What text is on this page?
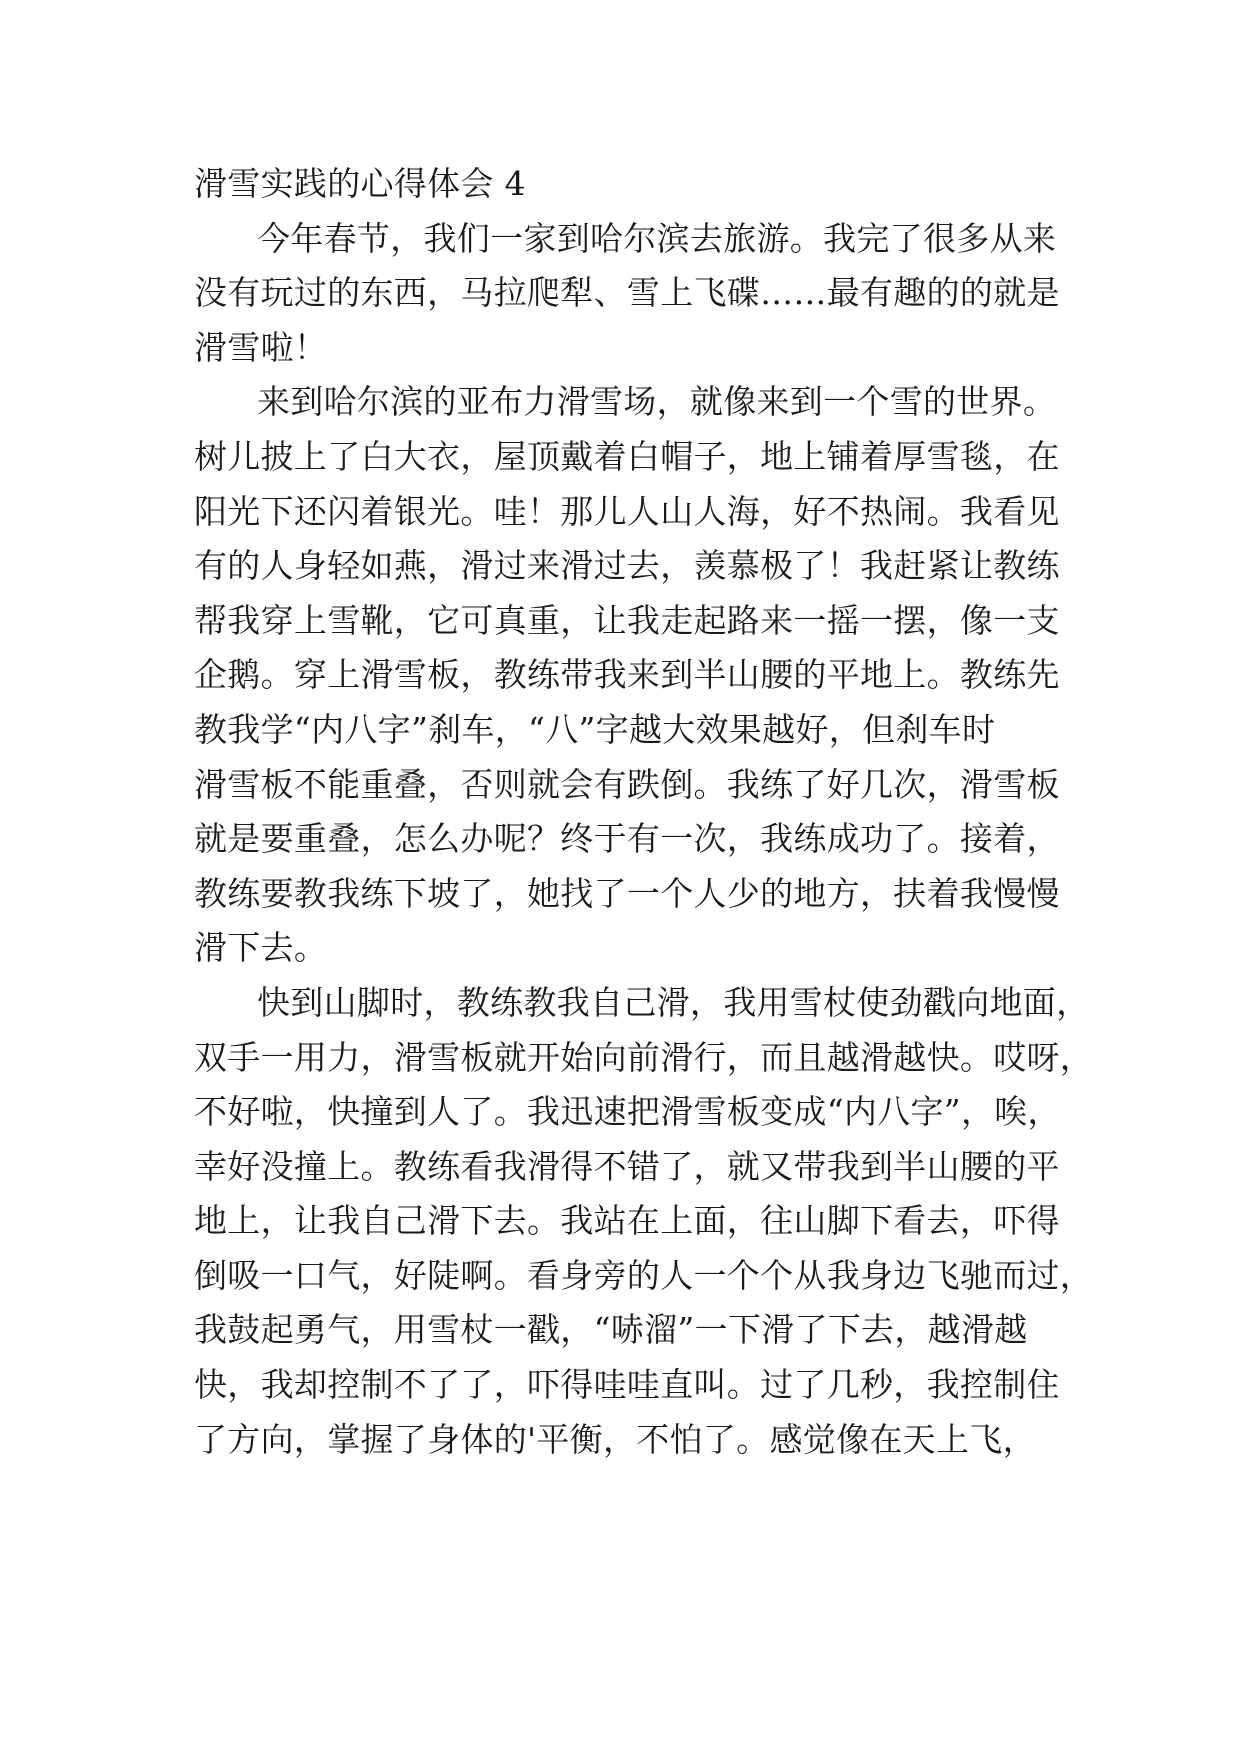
滑雪实践的心得体会 4
今年春节，我们一家到哈尔滨去旅游。我完了很多从来
没有玩过的东西，马拉爬犁、雪上飞碟……最有趣的的就是
滑雪啦！
来到哈尔滨的亚布力滑雪场，就像来到一个雪的世界。
树儿披上了白大衣，屋顶戴着白帽子，地上铺着厚雪毯，在
阳光下还闪着银光。哇！那儿人山人海，好不热闹。我看见
有的人身轻如燕，滑过来滑过去，羡慕极了！我赶紧让教练
帮我穿上雪靴，它可真重，让我走起路来一摇一摆，像一支
企鹅。穿上滑雪板，教练带我来到半山腰的平地上。教练先
教我学“内八字”刹车，“八”字越大效果越好，但刹车时
滑雪板不能重叠，否则就会有跌倒。我练了好几次，滑雪板
就是要重叠，怎么办呢？终于有一次，我练成功了。接着，
教练要教我练下坡了，她找了一个人少的地方，扶着我慢慢
滑下去。
快到山脚时，教练教我自己滑，我用雪杖使劲戳向地面，
双手一用力，滑雪板就开始向前滑行，而且越滑越快。哎呀，
不好啦，快撞到人了。我迅速把滑雪板变成“内八字”，唉，
幸好没撞上。教练看我滑得不错了，就又带我到半山腰的平
地上，让我自己滑下去。我站在上面，往山脚下看去，吓得
倒吸一口气，好陡啊。看身旁的人一个个从我身边飞驰而过，
我鼓起勇气，用雪杖一戳，“哧溜”一下滑了下去，越滑越
快，我却控制不了了，吓得哇哇直叫。过了几秒，我控制住
了方向，掌握了身体的'平衡，不怕了。感觉像在天上飞，
